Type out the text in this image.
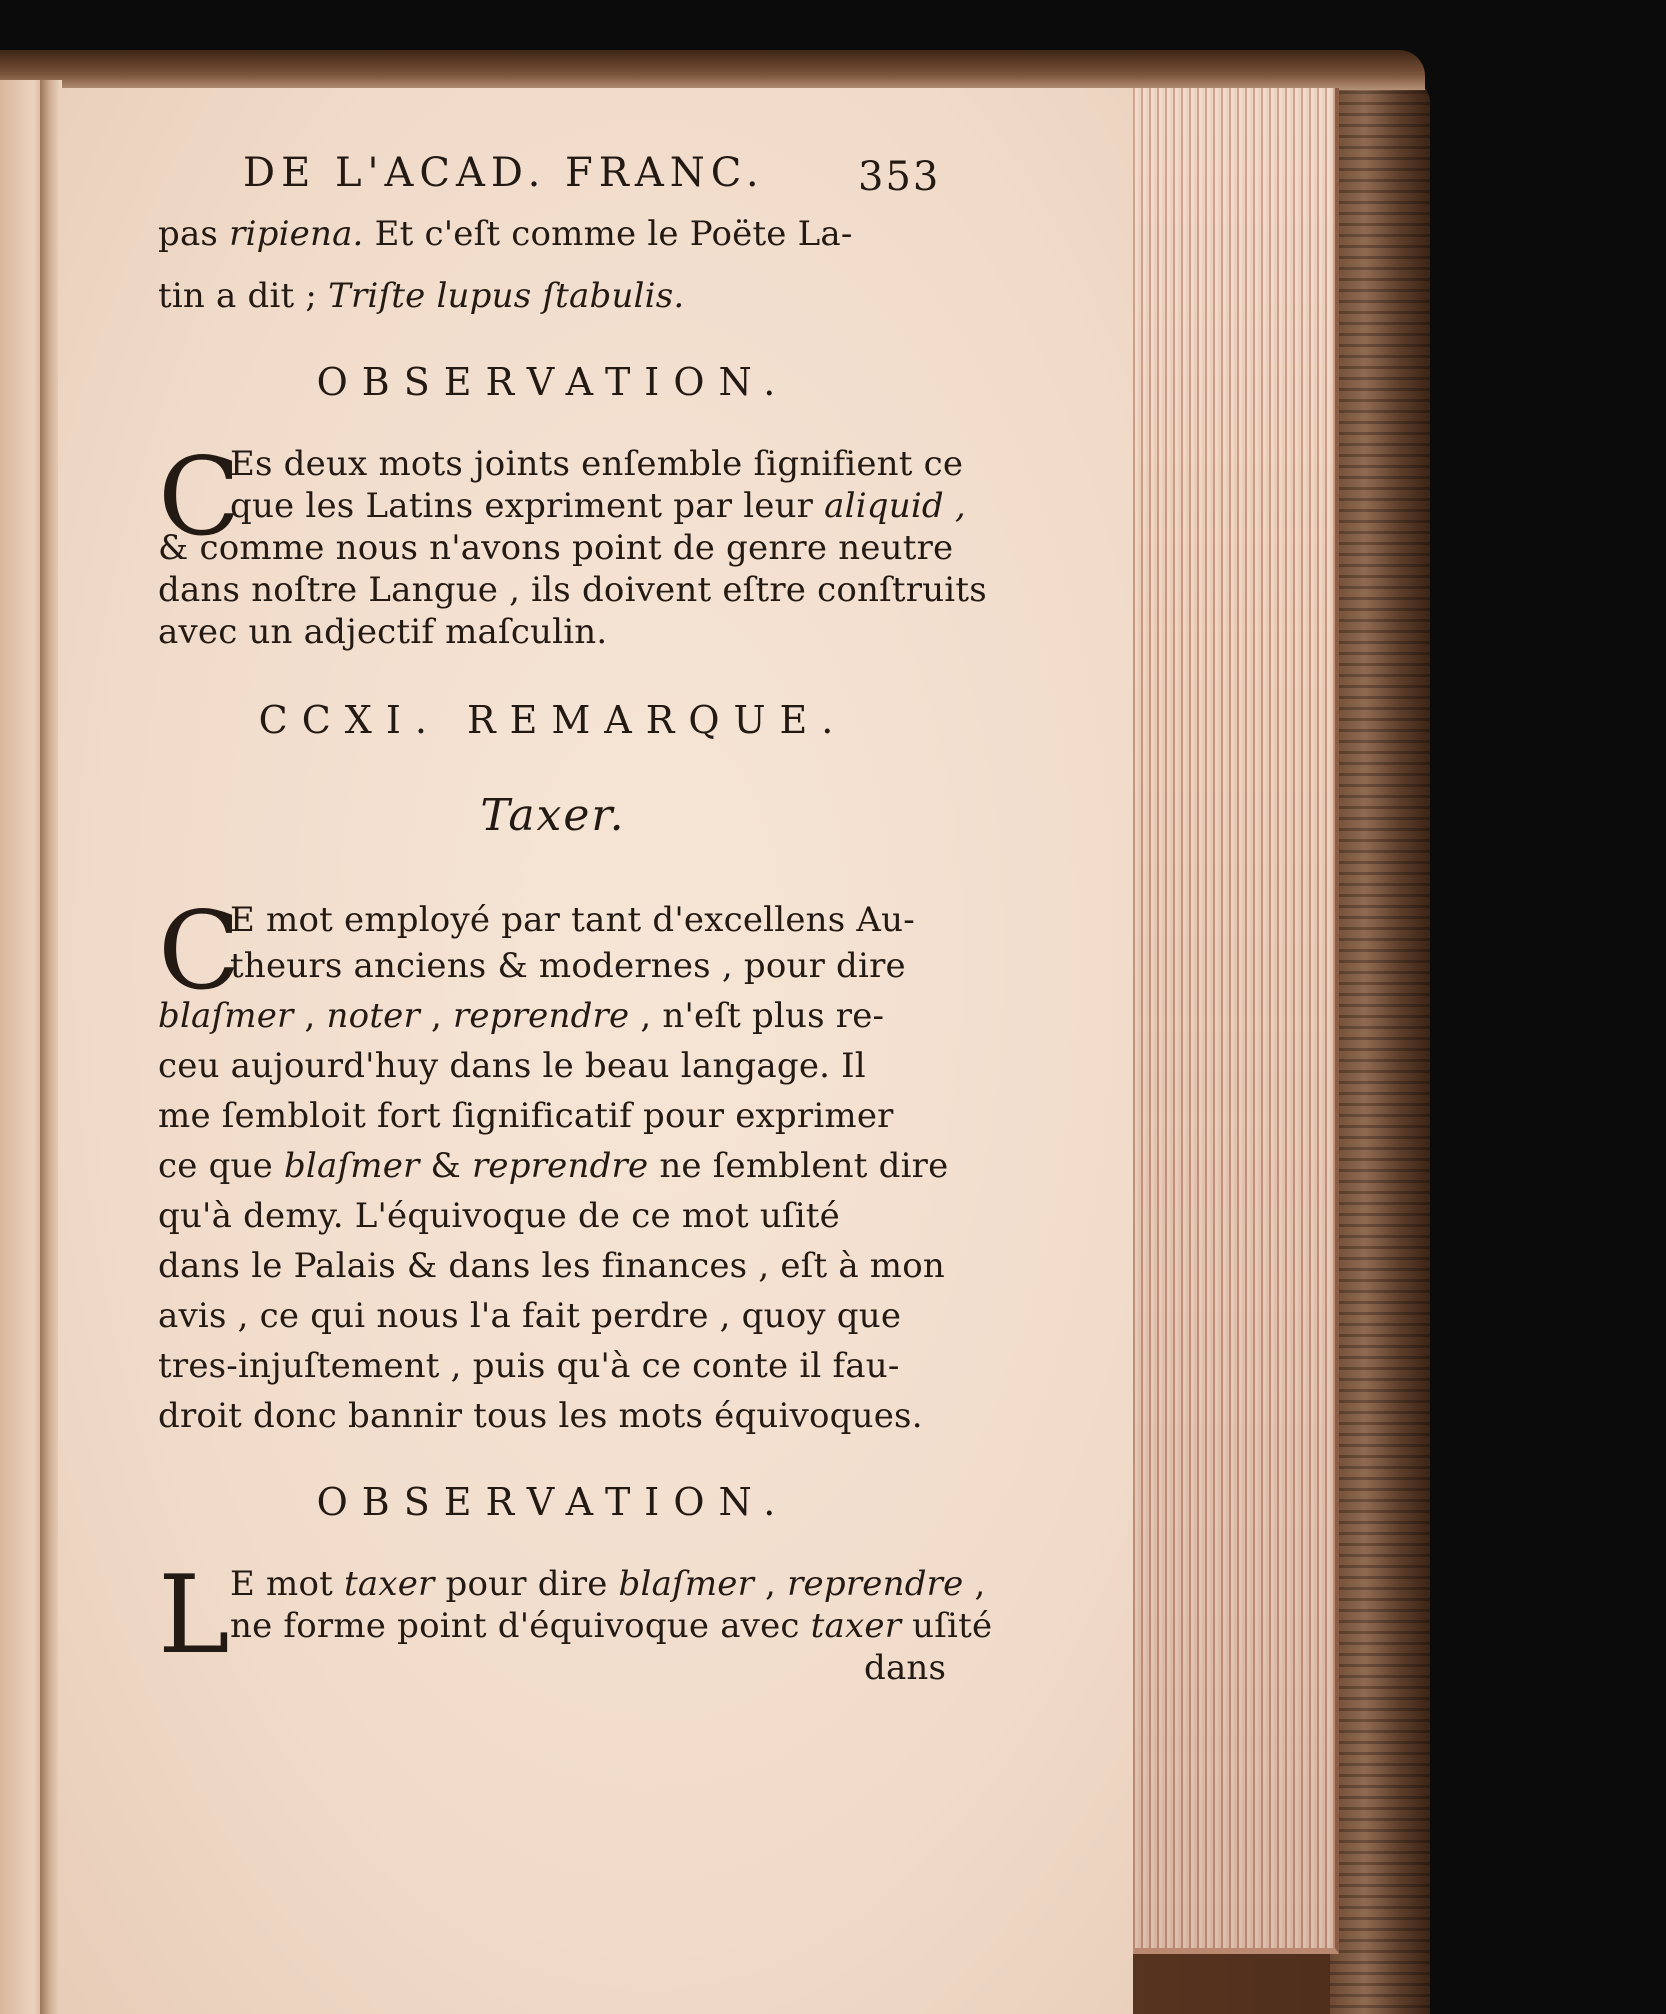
DE L'ACAD. FRANC.	353
pas ripiena. Et c'eſt comme le Poëte La-
tin a dit ; Triſte lupus ſtabulis.
OBSERVATION.
C
Es deux mots joints enſemble ſignifient ce
que les Latins expriment par leur aliquid ,
& comme nous n'avons point de genre neutre
dans noſtre Langue , ils doivent eſtre conſtruits
avec un adjectif maſculin.
CCXI. REMARQUE.
Taxer.
C
E mot employé par tant d'excellens Au-
theurs anciens & modernes , pour dire
blaſmer , noter , reprendre , n'eſt plus re-
ceu aujourd'huy dans le beau langage. Il
me ſembloit fort ſignificatif pour exprimer
ce que blaſmer & reprendre ne ſemblent dire
qu'à demy. L'équivoque de ce mot uſité
dans le Palais & dans les finances , eſt à mon
avis , ce qui nous l'a fait perdre , quoy que
tres-injuſtement , puis qu'à ce conte il fau-
droit donc bannir tous les mots équivoques.
OBSERVATION.
L E mot taxer pour dire blaſmer , reprendre ,
ne forme point d'équivoque avec taxer uſité
dans
